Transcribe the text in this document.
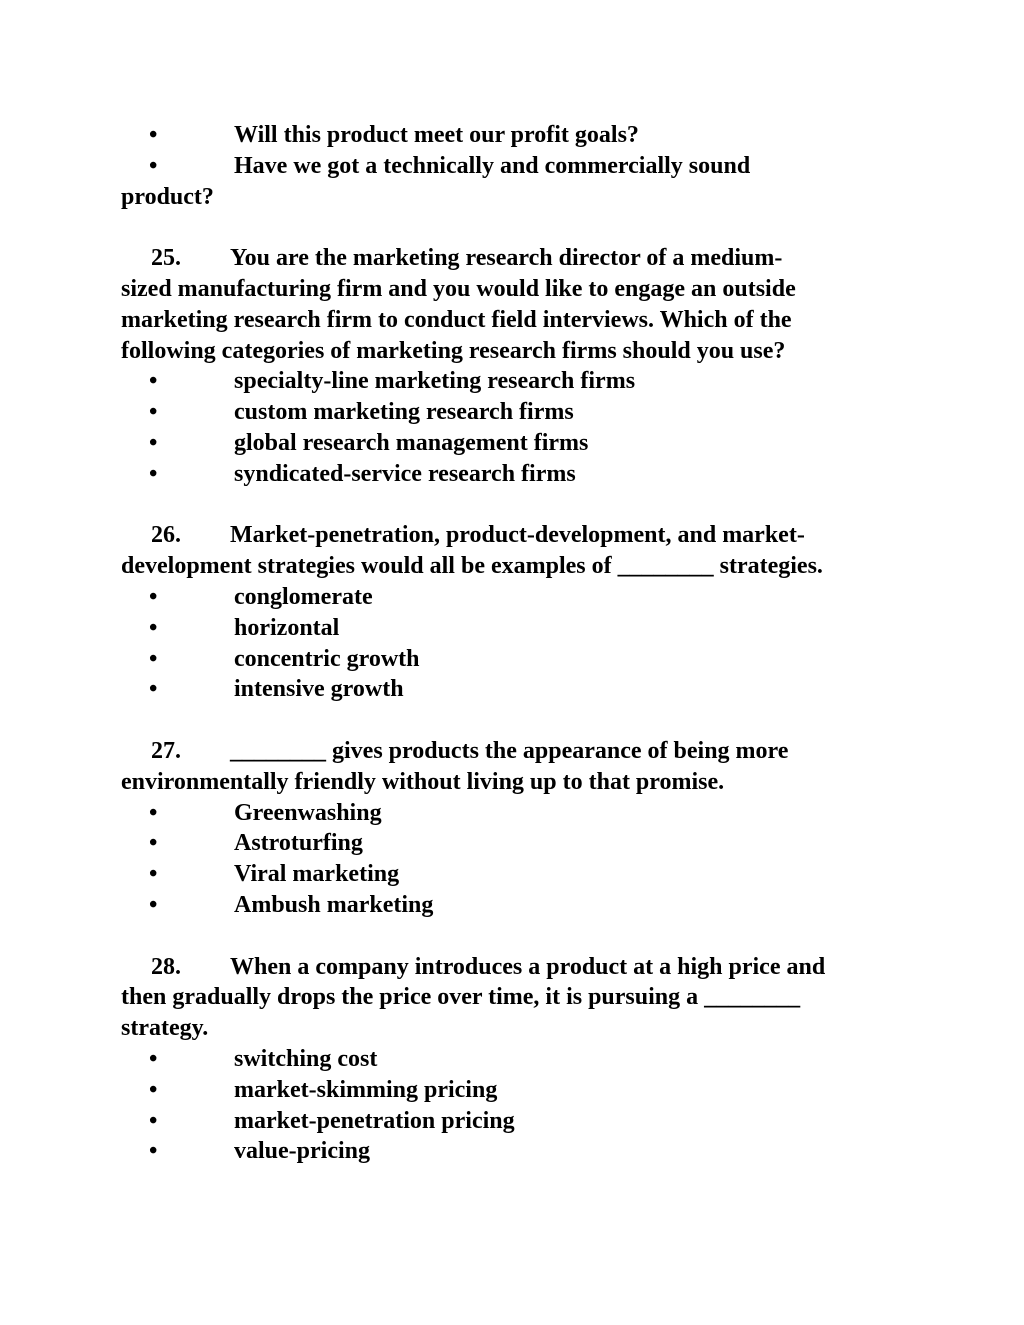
•	Will this product meet our profit goals?
•	Have we got a technically and commercially sound
product?
25. You are the marketing research director of a medium-
sized manufacturing firm and you would like to engage an outside
marketing research firm to conduct field interviews. Which of the
following categories of marketing research firms should you use?
•	specialty-line marketing research firms
•	custom marketing research firms
•	global research management firms
•	syndicated-service research firms
26. Market-penetration, product-development, and market-
development strategies would all be examples of ________ strategies.
•	conglomerate
•	horizontal
•	concentric growth
•	intensive growth
27. ________ gives products the appearance of being more
environmentally friendly without living up to that promise.
•	Greenwashing
•	Astroturfing
•	Viral marketing
•	Ambush marketing
28. When a company introduces a product at a high price and
then gradually drops the price over time, it is pursuing a ________
strategy.
•	switching cost
•	market-skimming pricing
•	market-penetration pricing
•	value-pricing
